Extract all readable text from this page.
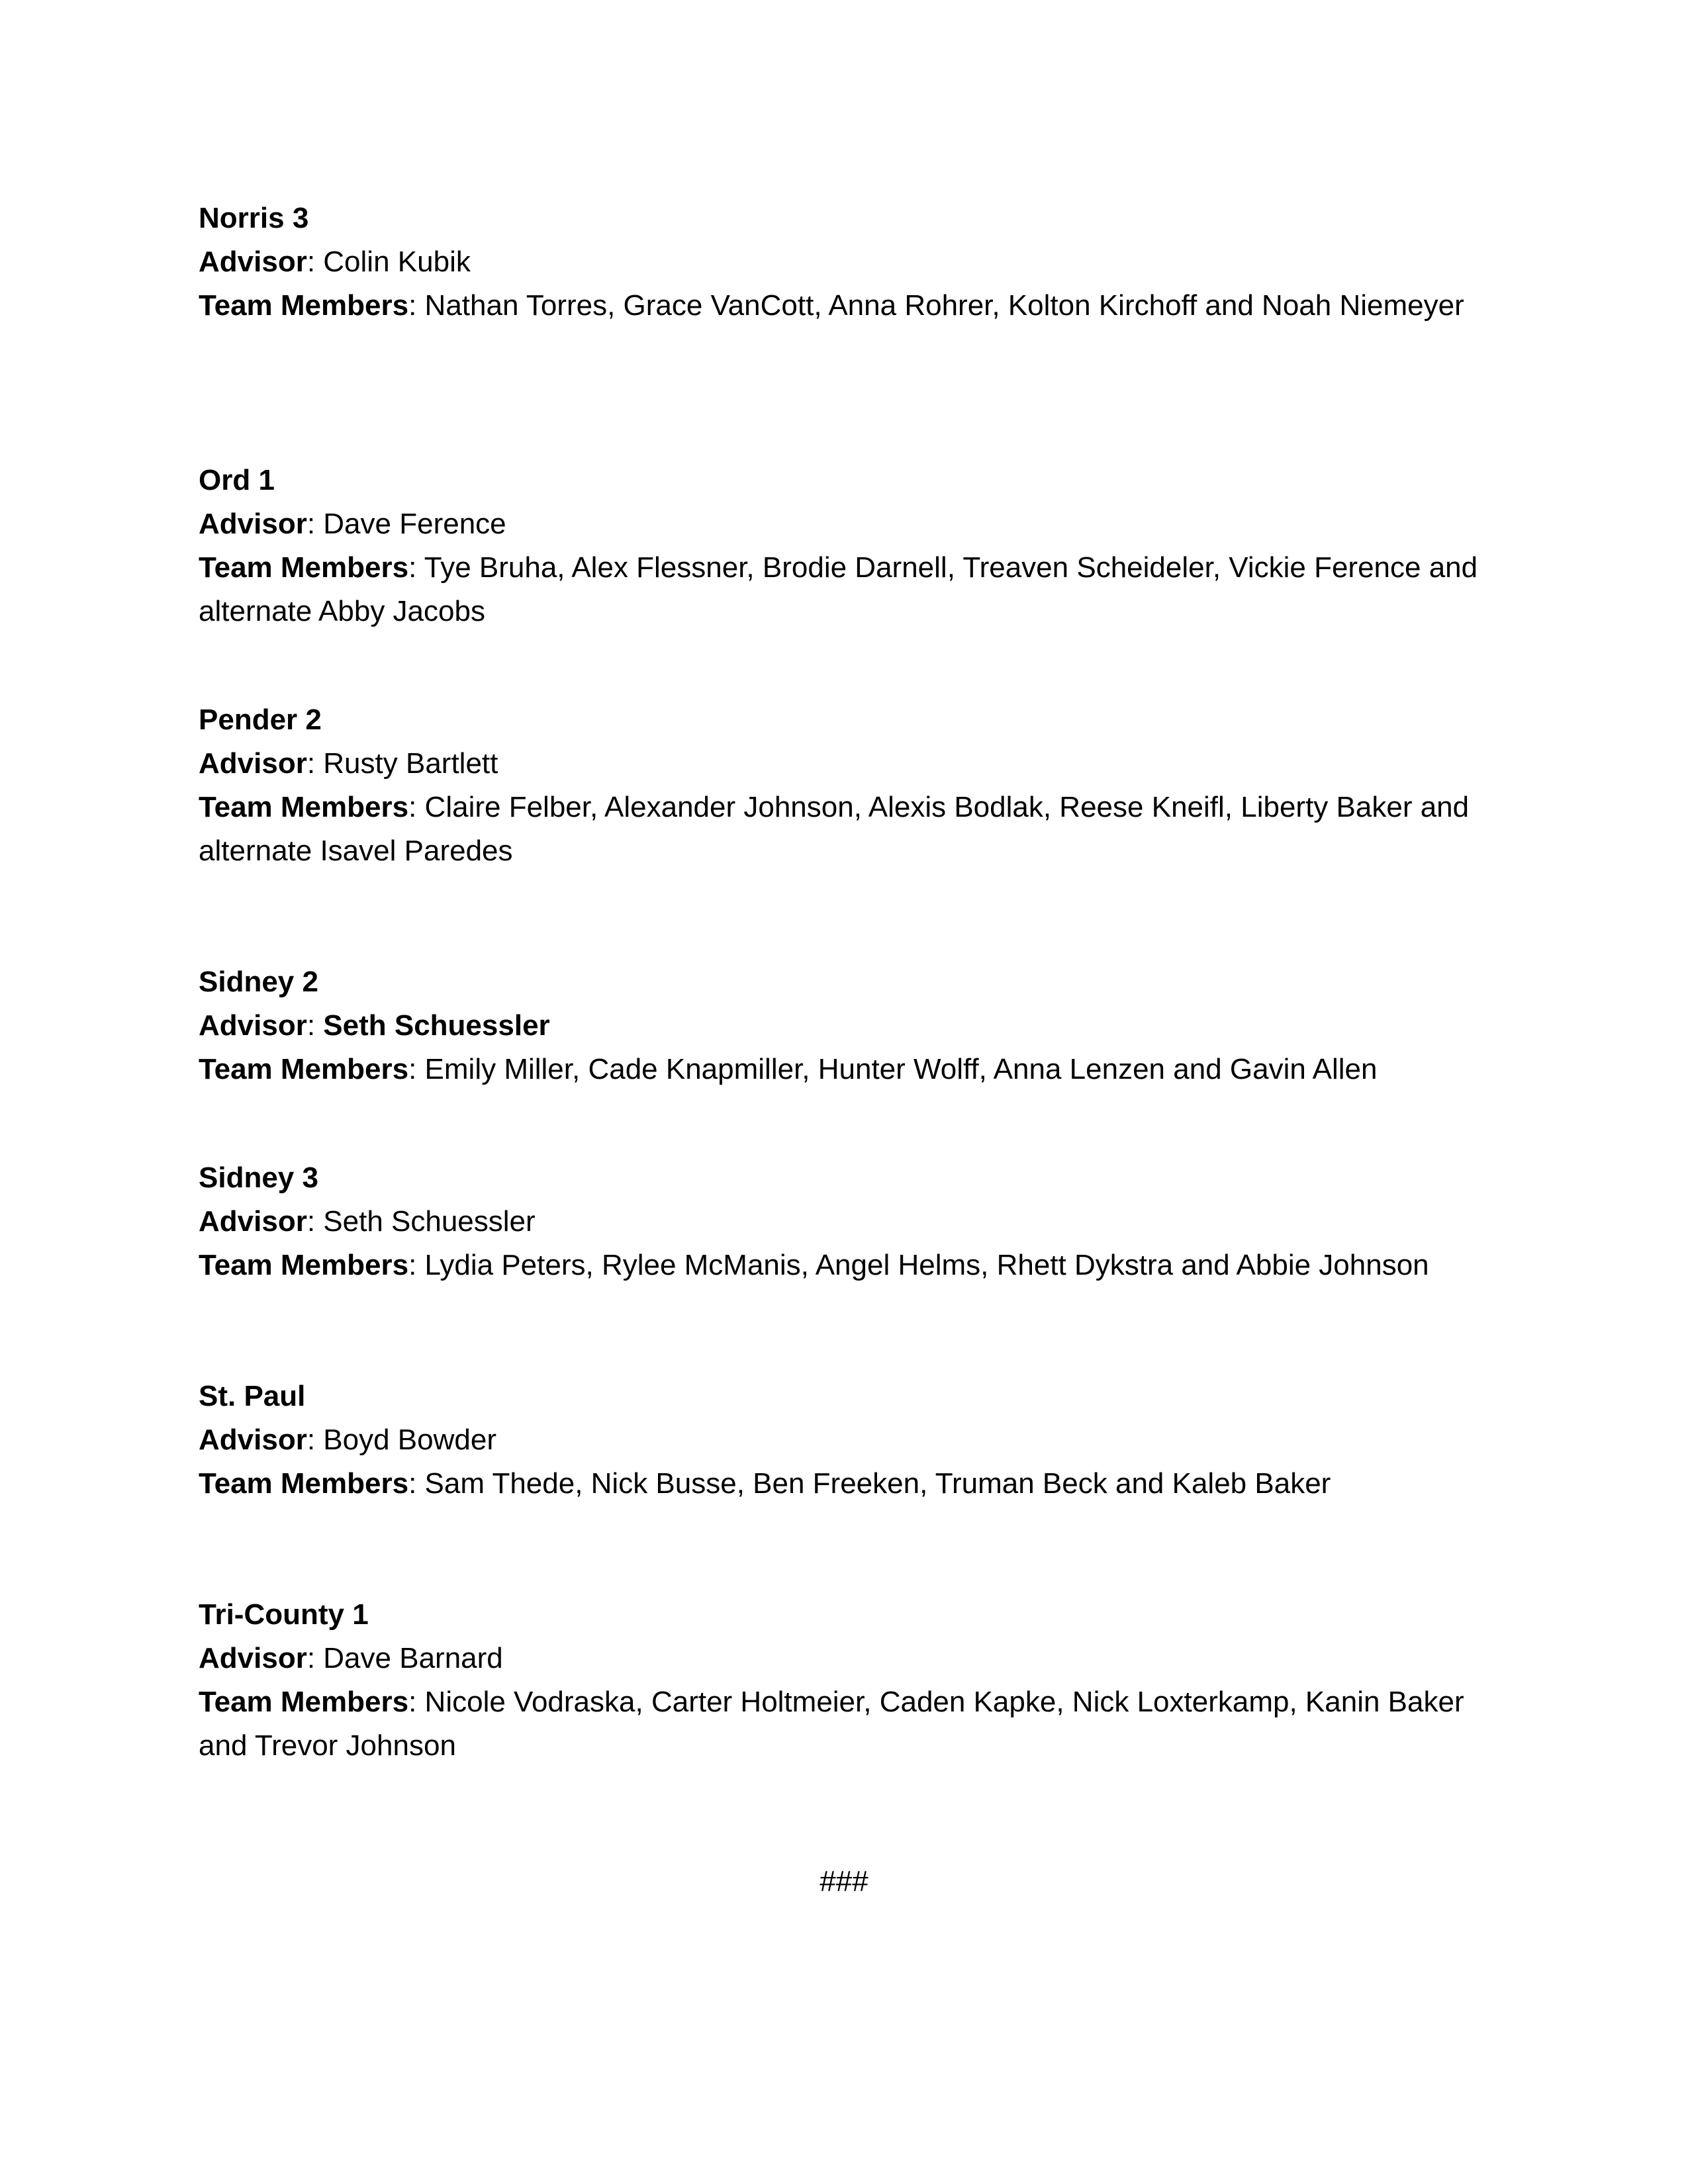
Norris 3
Advisor: Colin Kubik
Team Members: Nathan Torres, Grace VanCott, Anna Rohrer, Kolton Kirchoff and Noah Niemeyer
Ord 1
Advisor: Dave Ference
Team Members: Tye Bruha, Alex Flessner, Brodie Darnell, Treaven Scheideler, Vickie Ference and alternate Abby Jacobs
Pender 2
Advisor: Rusty Bartlett
Team Members: Claire Felber, Alexander Johnson, Alexis Bodlak, Reese Kneifl, Liberty Baker and alternate Isavel Paredes
Sidney 2
Advisor: Seth Schuessler
Team Members: Emily Miller, Cade Knapmiller, Hunter Wolff, Anna Lenzen and Gavin Allen
Sidney 3
Advisor: Seth Schuessler
Team Members: Lydia Peters, Rylee McManis, Angel Helms, Rhett Dykstra and Abbie Johnson
St. Paul
Advisor: Boyd Bowder
Team Members: Sam Thede, Nick Busse, Ben Freeken, Truman Beck and Kaleb Baker
Tri-County 1
Advisor: Dave Barnard
Team Members: Nicole Vodraska, Carter Holtmeier, Caden Kapke, Nick Loxterkamp, Kanin Baker and Trevor Johnson
###
